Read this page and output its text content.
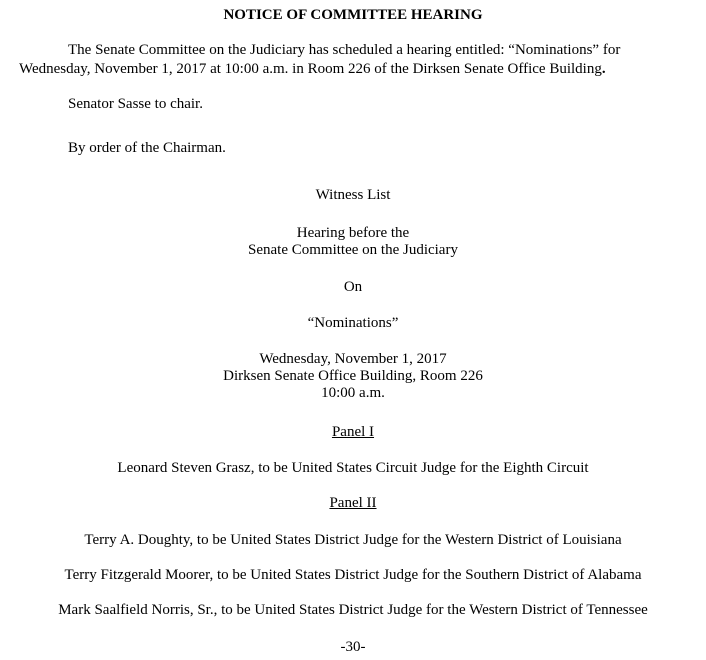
NOTICE OF COMMITTEE HEARING
The Senate Committee on the Judiciary has scheduled a hearing entitled: “Nominations” for
Wednesday, November 1, 2017 at 10:00 a.m. in Room 226 of the Dirksen Senate Office Building.
Senator Sasse to chair.
By order of the Chairman.
Witness List
Hearing before the
Senate Committee on the Judiciary
On
“Nominations”
Wednesday, November 1, 2017
Dirksen Senate Office Building, Room 226
10:00 a.m.
Panel I
Leonard Steven Grasz, to be United States Circuit Judge for the Eighth Circuit
Panel II
Terry A. Doughty, to be United States District Judge for the Western District of Louisiana
Terry Fitzgerald Moorer, to be United States District Judge for the Southern District of Alabama
Mark Saalfield Norris, Sr., to be United States District Judge for the Western District of Tennessee
-30-
